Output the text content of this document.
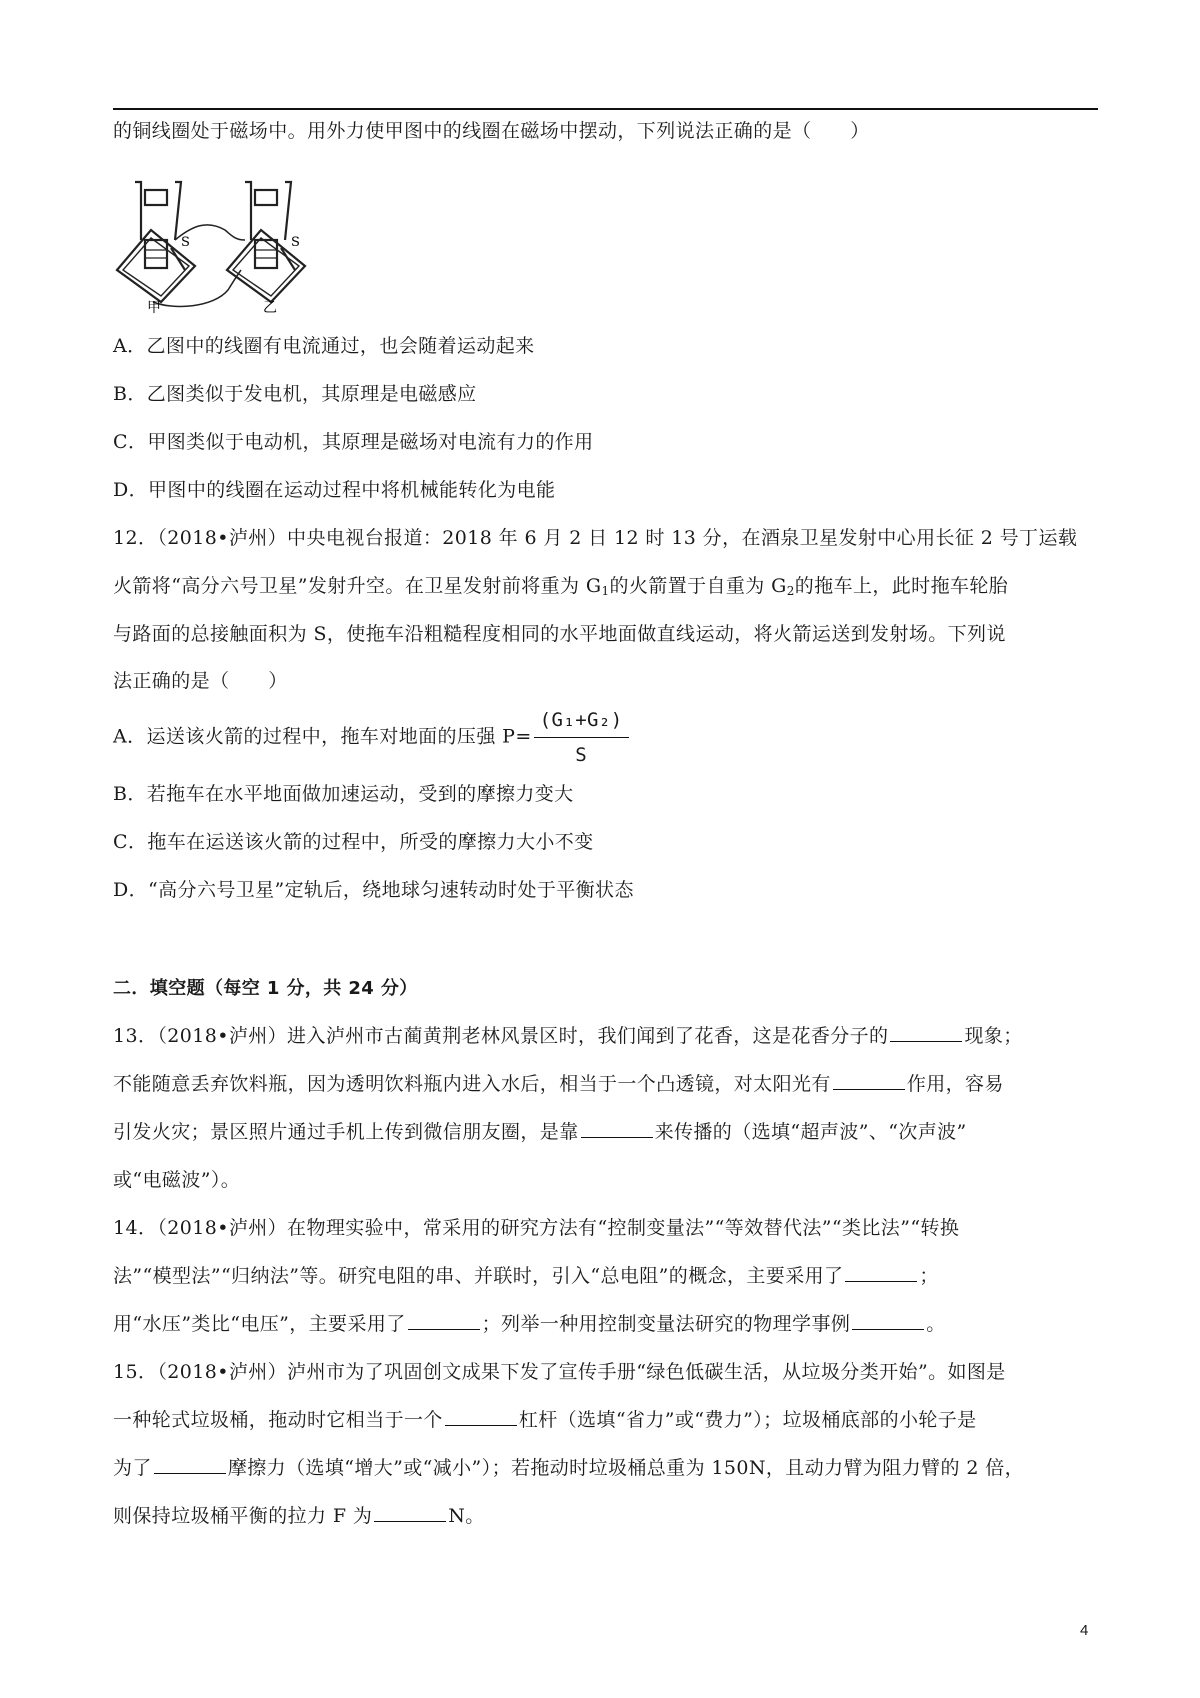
的铜线圈处于磁场中。用外力使甲图中的线圈在磁场中摆动，下列说法正确的是（　　）
S	S
甲	乙
A．乙图中的线圈有电流通过，也会随着运动起来
B．乙图类似于发电机，其原理是电磁感应
C．甲图类似于电动机，其原理是磁场对电流有力的作用
D．甲图中的线圈在运动过程中将机械能转化为电能
12．（2018•泸州）中央电视台报道：2018 年 6 月 2 日 12 时 13 分，在酒泉卫星发射中心用长征 2 号丁运载
火箭将“高分六号卫星”发射升空。在卫星发射前将重为 $G_1$的火箭置于自重为 $G_2$的拖车上，此时拖车轮胎
与路面的总接触面积为 S，使拖车沿粗糙程度相同的水平地面做直线运动，将火箭运送到发射场。下列说
法正确的是（　　）
A．运送该火箭的过程中，拖车对地面的压强 $P= \frac{\text{(G₁+G₂)}}{S}$
B．若拖车在水平地面做加速运动，受到的摩擦力变大
C．拖车在运送该火箭的过程中，所受的摩擦力大小不变
D．“高分六号卫星”定轨后，绕地球匀速转动时处于平衡状态
二．填空题（每空 1 分，共 24 分）
13．（2018•泸州）进入泸州市古蔺黄荆老林风景区时，我们闻到了花香，这是花香分子的	现象；
不能随意丢弃饮料瓶，因为透明饮料瓶内进入水后，相当于一个凸透镜，对太阳光有	作用，容易
引发火灾；景区照片通过手机上传到微信朋友圈，是靠	来传播的（选填“超声波”、“次声波”
或“电磁波”）。
14．（2018•泸州）在物理实验中，常采用的研究方法有“控制变量法”“等效替代法”“类比法”“转换
法”“模型法”“归纳法”等。研究电阻的串、并联时，引入“总电阻”的概念，主要采用了	；
用“水压”类比“电压”，主要采用了	；列举一种用控制变量法研究的物理学事例	。
15．（2018•泸州）泸州市为了巩固创文成果下发了宣传手册“绿色低碳生活，从垃圾分类开始”。如图是
一种轮式垃圾桶，拖动时它相当于一个	杠杆（选填“省力”或“费力”）；垃圾桶底部的小轮子是
为了	摩擦力（选填“增大”或“减小”）；若拖动时垃圾桶总重为 150N，且动力臂为阻力臂的 2 倍，
则保持垃圾桶平衡的拉力 F 为	N。
4
